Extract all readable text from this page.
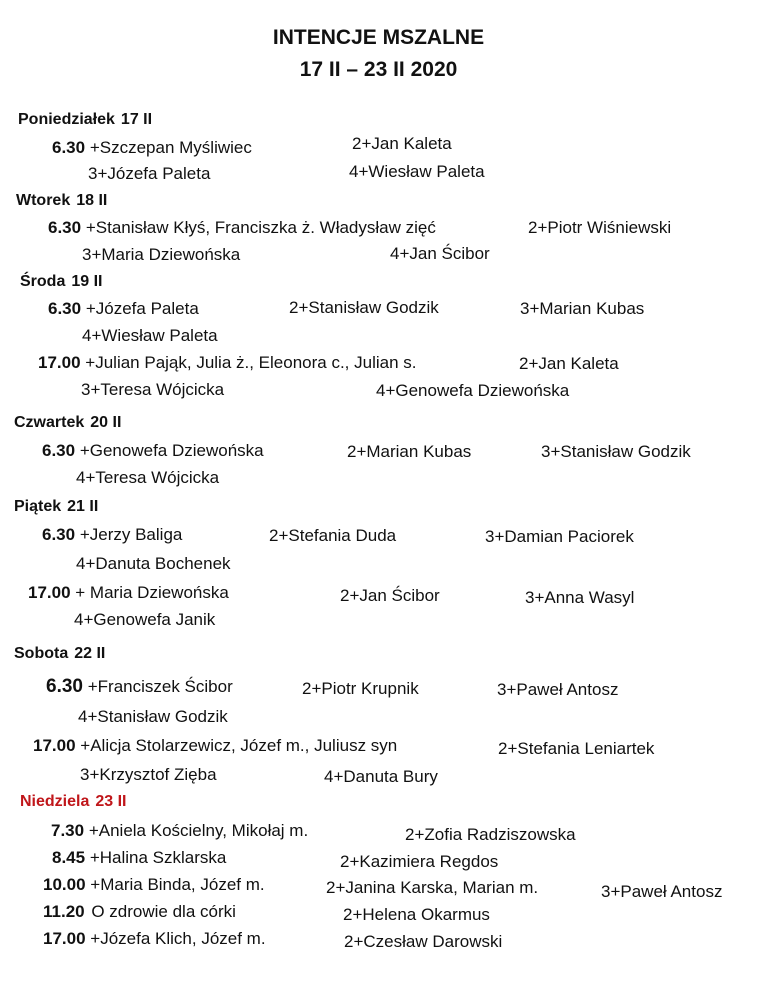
INTENCJE MSZALNE
17 II – 23 II 2020
Poniedziałek 17 II
6.30 +Szczepan Myśliwiec	2+Jan Kaleta
3+Józefa Paleta	4+Wiesław Paleta
Wtorek 18 II
6.30 +Stanisław Kłyś, Franciszka ż. Władysław zięć	2+Piotr Wiśniewski
3+Maria Dziewońska	4+Jan Ścibor
Środa 19 II
6.30 +Józefa Paleta	2+Stanisław Godzik	3+Marian Kubas
4+Wiesław Paleta
17.00 +Julian Pająk, Julia ż., Eleonora c., Julian s.	2+Jan Kaleta
3+Teresa Wójcicka	4+Genowefa Dziewońska
Czwartek 20 II
6.30 +Genowefa Dziewońska	2+Marian Kubas	3+Stanisław Godzik
4+Teresa Wójcicka
Piątek 21 II
6.30 +Jerzy Baliga	2+Stefania Duda	3+Damian Paciorek
4+Danuta Bochenek
17.00 + Maria Dziewońska	2+Jan Ścibor	3+Anna Wasyl
4+Genowefa Janik
Sobota 22 II
6.30 +Franciszek Ścibor	2+Piotr Krupnik	3+Paweł Antosz
4+Stanisław Godzik
17.00 +Alicja Stolarzewicz, Józef m., Juliusz syn	2+Stefania Leniartek
3+Krzysztof Zięba	4+Danuta Bury
Niedziela 23 II
7.30 +Aniela Kościelny, Mikołaj m.	2+Zofia Radziszowska
8.45 +Halina Szklarska	2+Kazimiera Regdos
10.00 +Maria Binda, Józef m.	2+Janina Karska, Marian m.	3+Paweł Antosz
11.20 O zdrowie dla córki	2+Helena Okarmus
17.00 +Józefa Klich, Józef m.	2+Czesław Darowski
